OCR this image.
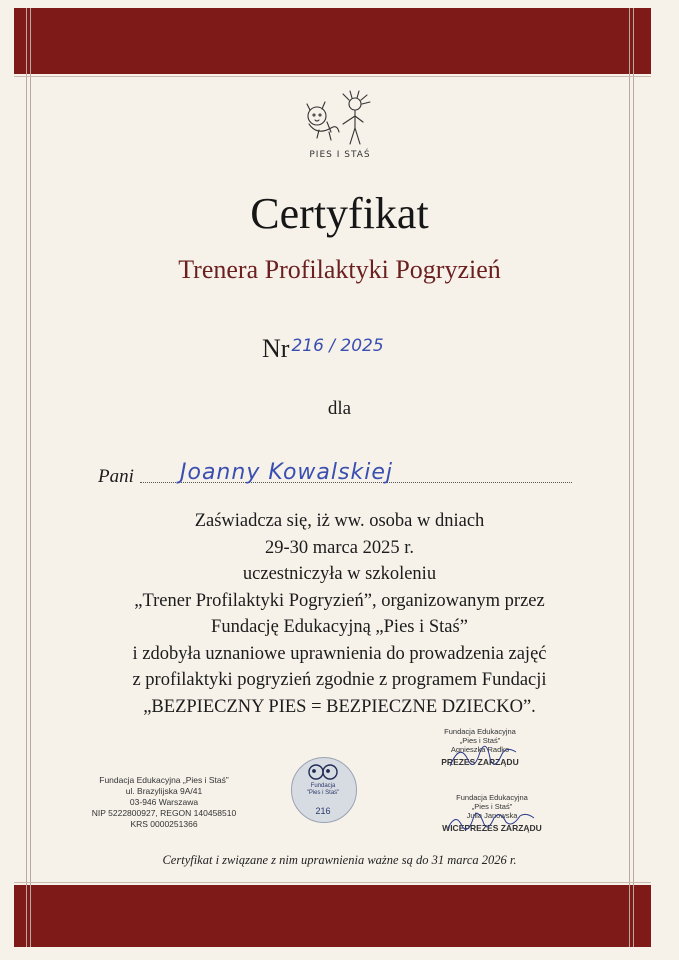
PIES I STAŚ
Certyfikat
Trenera Profilaktyki Pogryzień
Nr $^{216 / 2025}$
dla
Pani Joanny Kowalskiej
Zaświadcza się, iż ww. osoba w dniach
29-30 marca 2025 r.
uczestniczyła w szkoleniu
„Trener Profilaktyki Pogryzień”, organizowanym przez
Fundację Edukacyjną „Pies i Staś”
i zdobyła uznaniowe uprawnienia do prowadzenia zajęć
z profilaktyki pogryzień zgodnie z programem Fundacji
„BEZPIECZNY PIES = BEZPIECZNE DZIECKO”.
Fundacja Edukacyjna „Pies i Staś”
ul. Brazylijska 9A/41
03-946 Warszawa
NIP 5222800927, REGON 140458510
KRS 0000251366
Fundacja
"Pies i Staś"
216
Fundacja Edukacyjna
„Pies i Staś”
Agnieszka Radko
PREZES ZARZĄDU
Fundacja Edukacyjna
„Pies i Staś”
Julia Janowska
WICEPREZES ZARZĄDU
Certyfikat i związane z nim uprawnienia ważne są do 31 marca 2026 r.
